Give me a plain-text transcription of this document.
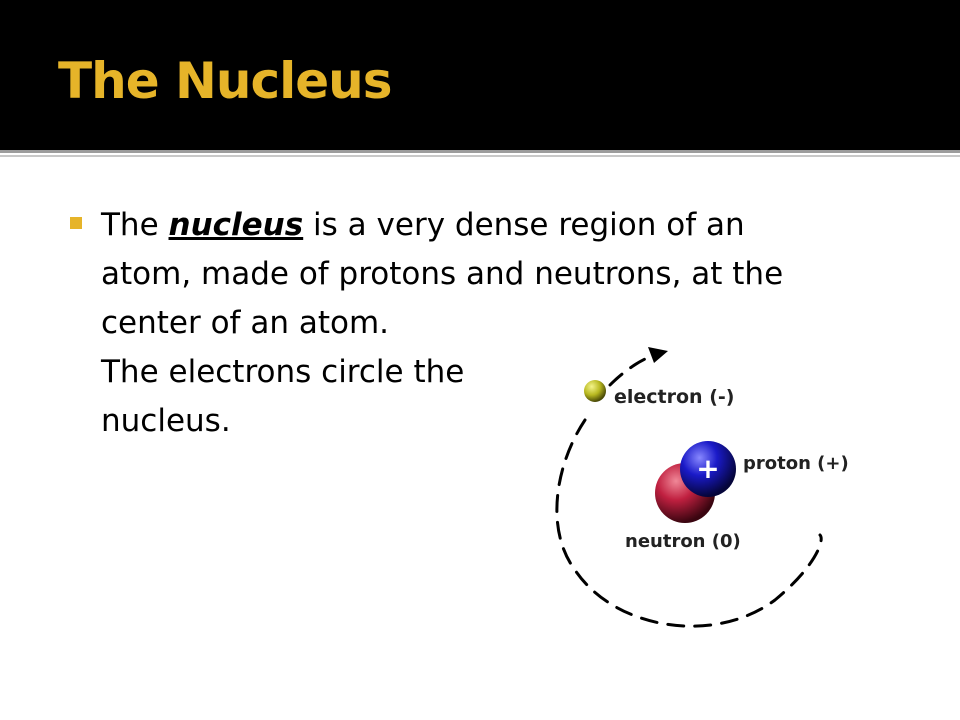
The Nucleus
The nucleus is a very dense region of an
atom, made of protons and neutrons, at the
center of an atom.
The electrons circle the
nucleus.
electron (-)
+ proton (+)
neutron (0)
